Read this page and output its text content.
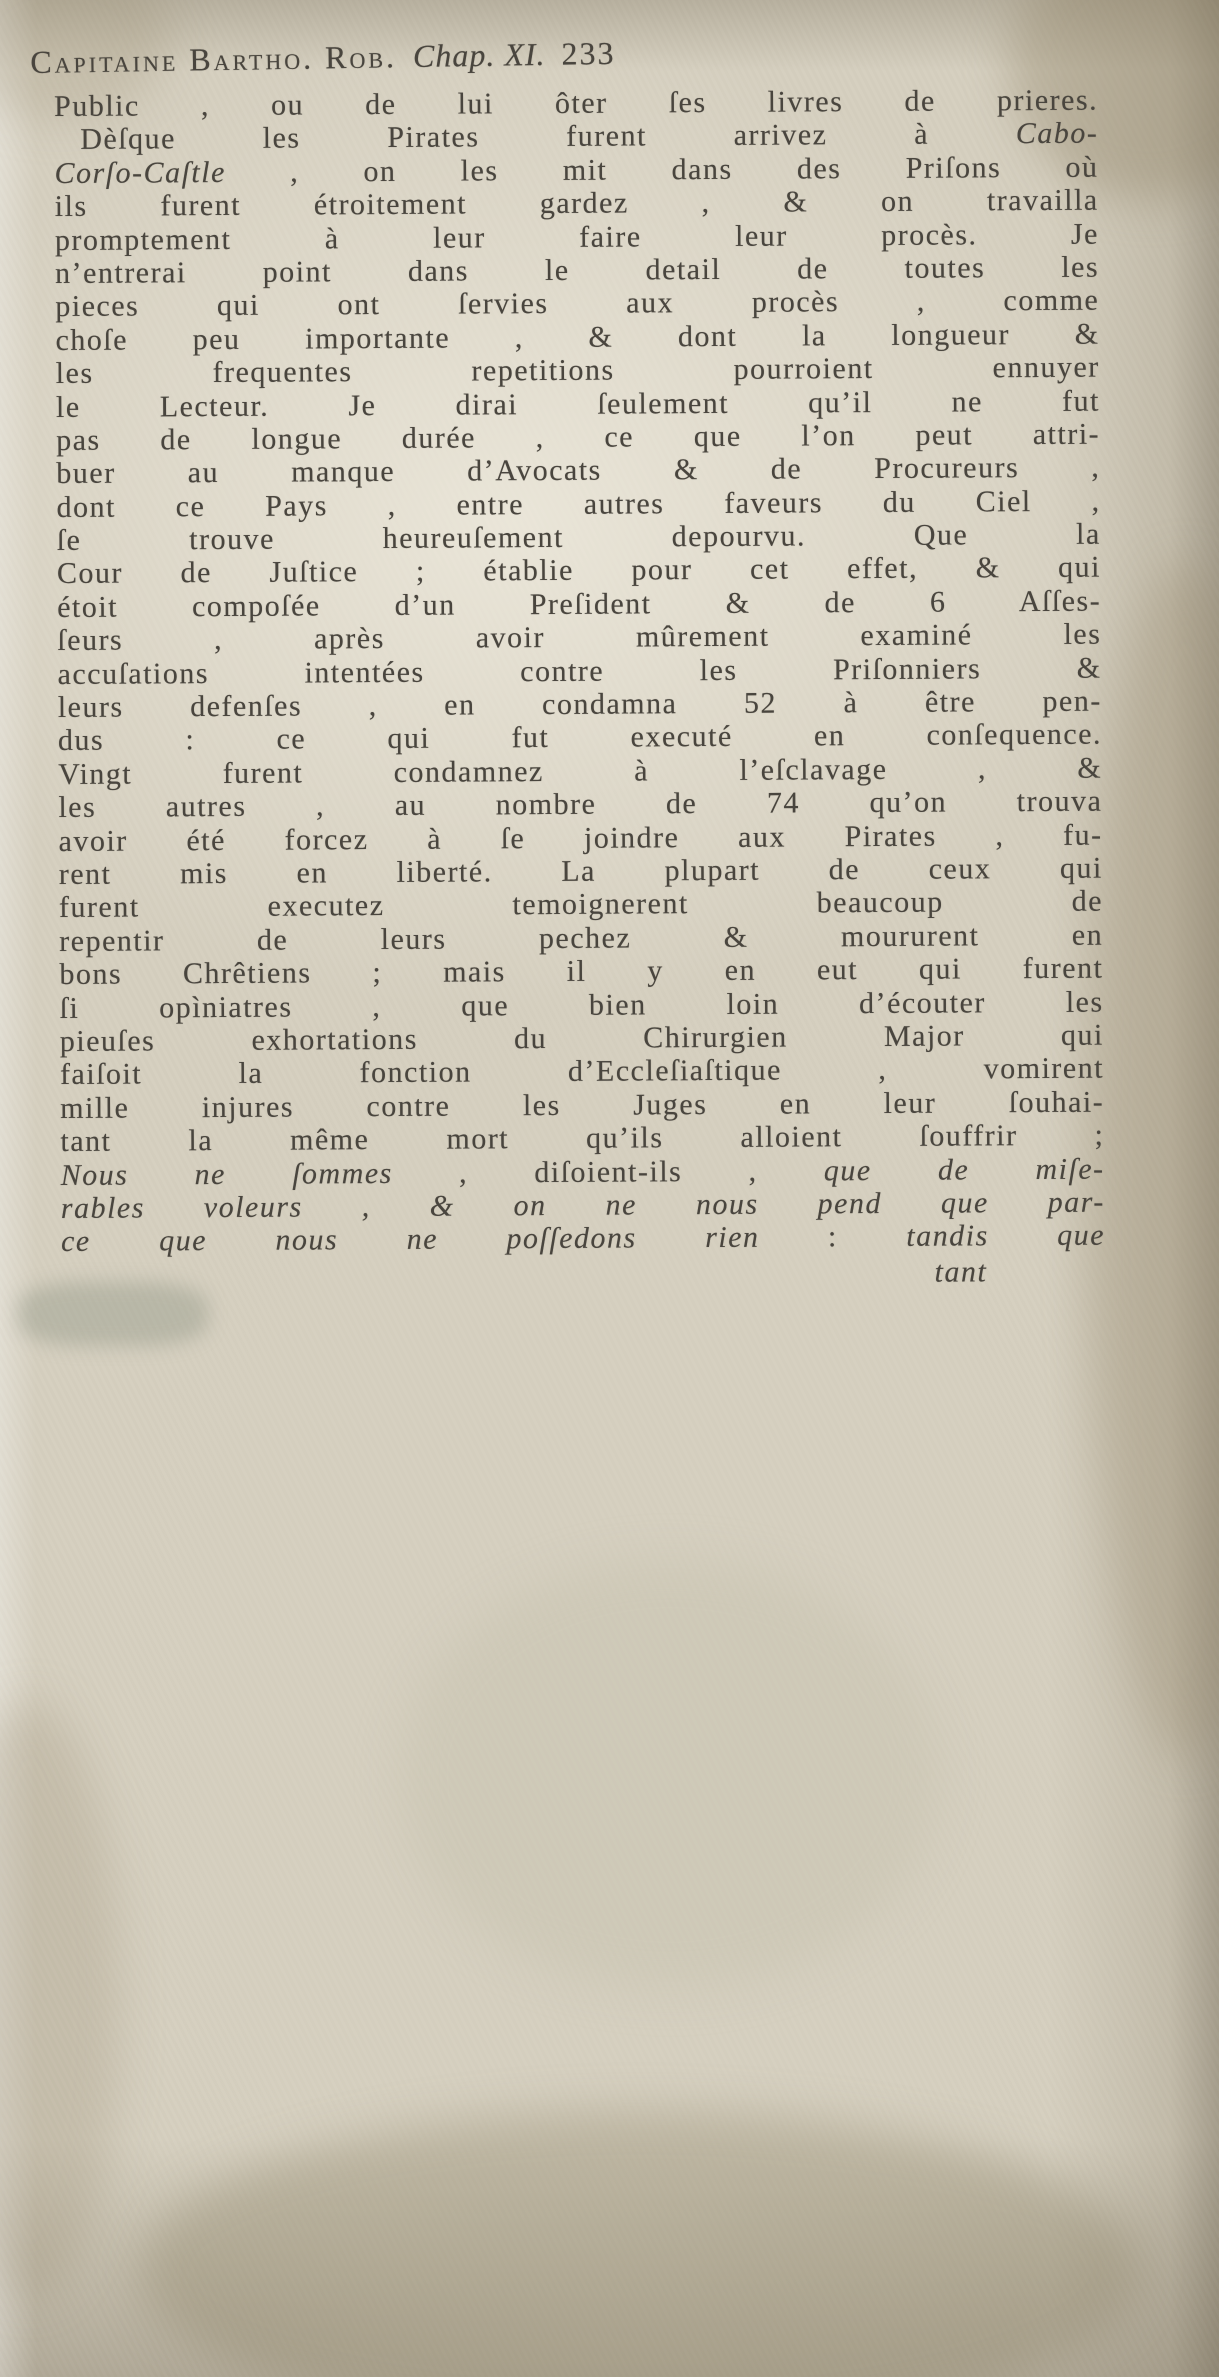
Capitaine Bartho. Rob. Chap. XI. 233
Public , ou de lui ôter ſes livres de prieres.
Dèſque les Pirates furent arrivez à Cabo-
Corſo-Caſtle , on les mit dans des Priſons où
ils furent étroitement gardez , & on travailla
promptement à leur faire leur procès. Je
n’entrerai point dans le detail de toutes les
pieces qui ont ſervies aux procès , comme
choſe peu importante , & dont la longueur &
les frequentes repetitions pourroient ennuyer
le Lecteur. Je dirai ſeulement qu’il ne fut
pas de longue durée , ce que l’on peut attri-
buer au manque d’Avocats & de Procureurs ,
dont ce Pays , entre autres faveurs du Ciel ,
ſe trouve heureuſement depourvu. Que la
Cour de Juſtice ; établie pour cet effet, & qui
étoit compoſée d’un Preſident & de 6 Aſſes-
ſeurs , après avoir mûrement examiné les
accuſations intentées contre les Priſonniers &
leurs defenſes , en condamna 52 à être pen-
dus : ce qui fut executé en conſequence.
Vingt furent condamnez à l’eſclavage , &
les autres , au nombre de 74 qu’on trouva
avoir été forcez à ſe joindre aux Pirates , fu-
rent mis en liberté. La plupart de ceux qui
furent executez temoignerent beaucoup de
repentir de leurs pechez & moururent en
bons Chrêtiens ; mais il y en eut qui furent
ſi opìniatres , que bien loin d’écouter les
pieuſes exhortations du Chirurgien Major qui
faiſoit la fonction d’Eccleſiaſtique , vomirent
mille injures contre les Juges en leur ſouhai-
tant la même mort qu’ils alloient ſouffrir ;
Nous ne ſommes , diſoient-ils , que de miſe-
rables voleurs , & on ne nous pend que par-
ce que nous ne poſſedons rien : tandis que
tant
